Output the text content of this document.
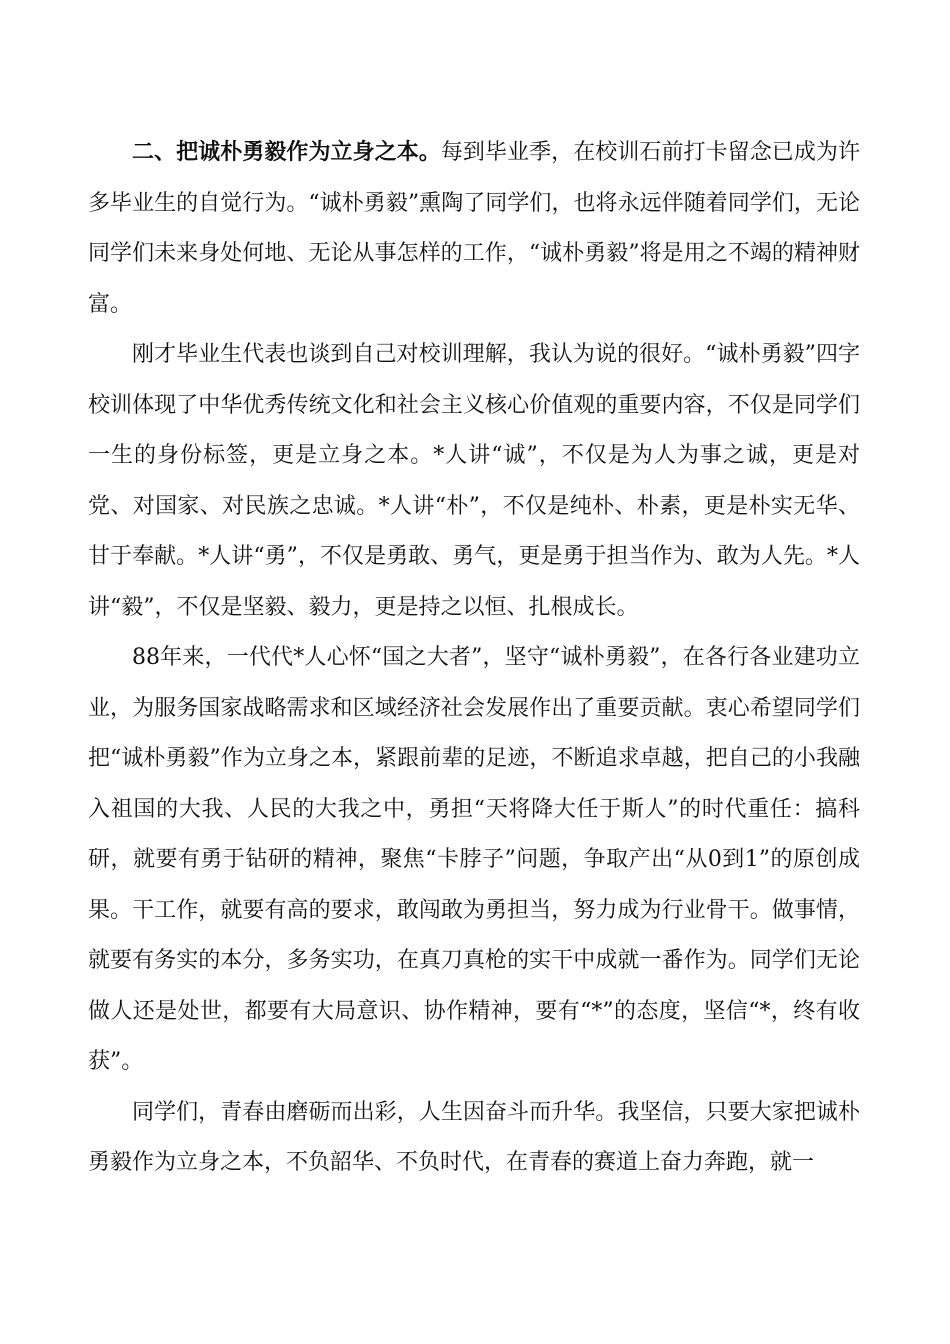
二、把诚朴勇毅作为立身之本。每到毕业季，在校训石前打卡留念已成为许多毕业生的自觉行为。“诚朴勇毅”熏陶了同学们，也将永远伴随着同学们，无论同学们未来身处何地、无论从事怎样的工作，“诚朴勇毅”将是用之不竭的精神财富。

刚才毕业生代表也谈到自己对校训理解，我认为说的很好。“诚朴勇毅”四字校训体现了中华优秀传统文化和社会主义核心价值观的重要内容，不仅是同学们一生的身份标签，更是立身之本。*人讲“诚”，不仅是为人为事之诚，更是对党、对国家、对民族之忠诚。*人讲“朴”，不仅是纯朴、朴素，更是朴实无华、甘于奉献。*人讲“勇”，不仅是勇敢、勇气，更是勇于担当作为、敢为人先。*人讲“毅”，不仅是坚毅、毅力，更是持之以恒、扎根成长。

88年来，一代代*人心怀“国之大者”，坚守“诚朴勇毅”，在各行各业建功立业，为服务国家战略需求和区域经济社会发展作出了重要贡献。衷心希望同学们把“诚朴勇毅”作为立身之本，紧跟前辈的足迹，不断追求卓越，把自己的小我融入祖国的大我、人民的大我之中，勇担“天将降大任于斯人”的时代重任：搞科研，就要有勇于钻研的精神，聚焦“卡脖子”问题，争取产出“从0到1”的原创成果。干工作，就要有高的要求，敢闯敢为勇担当，努力成为行业骨干。做事情，就要有务实的本分，多务实功，在真刀真枪的实干中成就一番作为。同学们无论做人还是处世，都要有大局意识、协作精神，要有“*”的态度，坚信“*，终有收获”。

同学们，青春由磨砺而出彩，人生因奋斗而升华。我坚信，只要大家把诚朴勇毅作为立身之本，不负韶华、不负时代，在青春的赛道上奋力奔跑，就一
